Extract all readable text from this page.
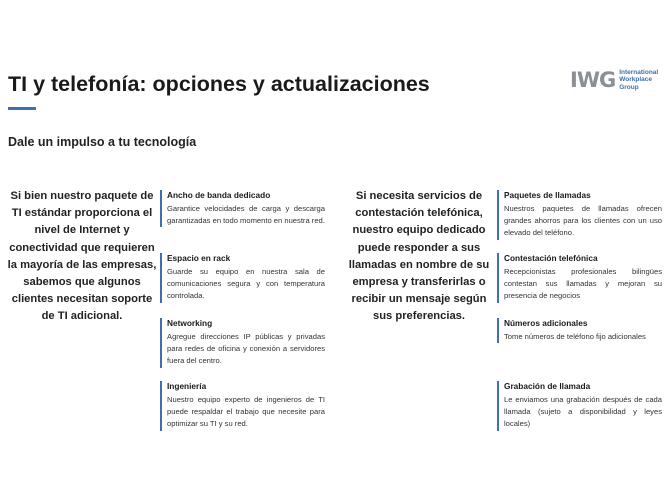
TI y telefonía: opciones y actualizaciones
Dale un impulso a tu tecnología
IWG International
Workplace
Group
Si bien nuestro paquete de TI estándar proporciona el nivel de Internet y conectividad que requieren la mayoría de las empresas, sabemos que algunos clientes necesitan soporte de TI adicional.
Ancho de banda dedicado
Garantice velocidades de carga y descarga garantizadas en todo momento en nuestra red.
Espacio en rack
Guarde su equipo en nuestra sala de comunicaciones segura y con temperatura controlada.
Networking
Agregue direcciones IP públicas y privadas para redes de oficina y conexión a servidores fuera del centro.
Ingeniería
Nuestro equipo experto de ingenieros de TI puede respaldar el trabajo que necesite para optimizar su TI y su red.
Si necesita servicios de contestación telefónica, nuestro equipo dedicado puede responder a sus llamadas en nombre de su empresa y transferirlas o recibir un mensaje según sus preferencias.
Paquetes de llamadas
Nuestros paquetes de llamadas ofrecen grandes ahorros para los clientes con un uso elevado del teléfono.
Contestación telefónica
Recepcionistas profesionales bilingües contestan sus llamadas y mejoran su presencia de negocios
Números adicionales
Tome números de teléfono fijo adicionales
Grabación de llamada
Le enviamos una grabación después de cada llamada (sujeto a disponibilidad y leyes locales)
